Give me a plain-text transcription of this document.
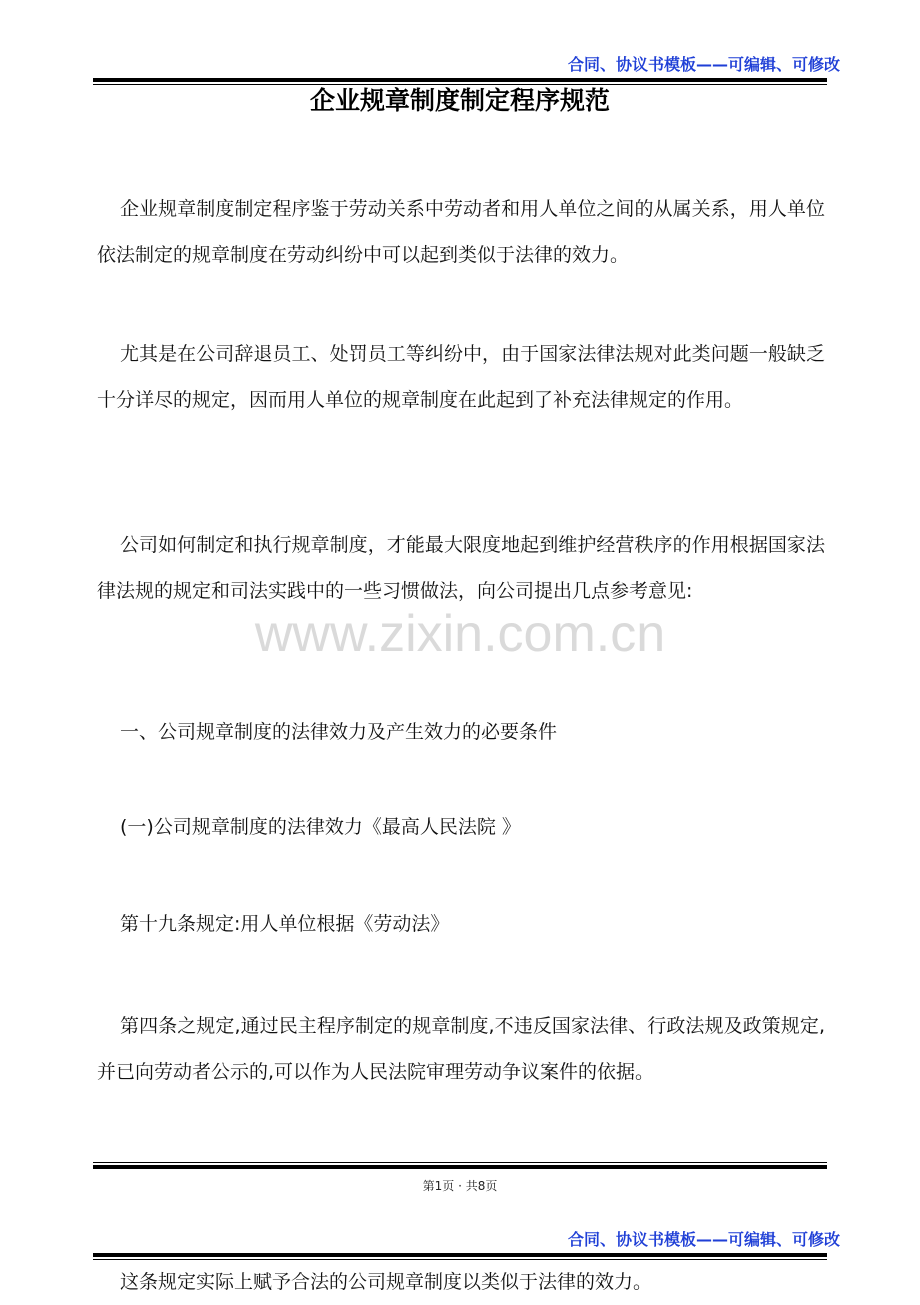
合同、协议书模板——可编辑、可修改
企业规章制度制定程序规范
企业规章制度制定程序鉴于劳动关系中劳动者和用人单位之间的从属关系，用人单位依法制定的规章制度在劳动纠纷中可以起到类似于法律的效力。
尤其是在公司辞退员工、处罚员工等纠纷中，由于国家法律法规对此类问题一般缺乏十分详尽的规定，因而用人单位的规章制度在此起到了补充法律规定的作用。
公司如何制定和执行规章制度，才能最大限度地起到维护经营秩序的作用根据国家法律法规的规定和司法实践中的一些习惯做法，向公司提出几点参考意见:
一、公司规章制度的法律效力及产生效力的必要条件
(一)公司规章制度的法律效力《最高人民法院 》
第十九条规定:用人单位根据《劳动法》
第四条之规定,通过民主程序制定的规章制度,不违反国家法律、行政法规及政策规定,并已向劳动者公示的,可以作为人民法院审理劳动争议案件的依据。
www.zixin.com.cn
第1页 · 共8页
合同、协议书模板——可编辑、可修改
这条规定实际上赋予合法的公司规章制度以类似于法律的效力。
